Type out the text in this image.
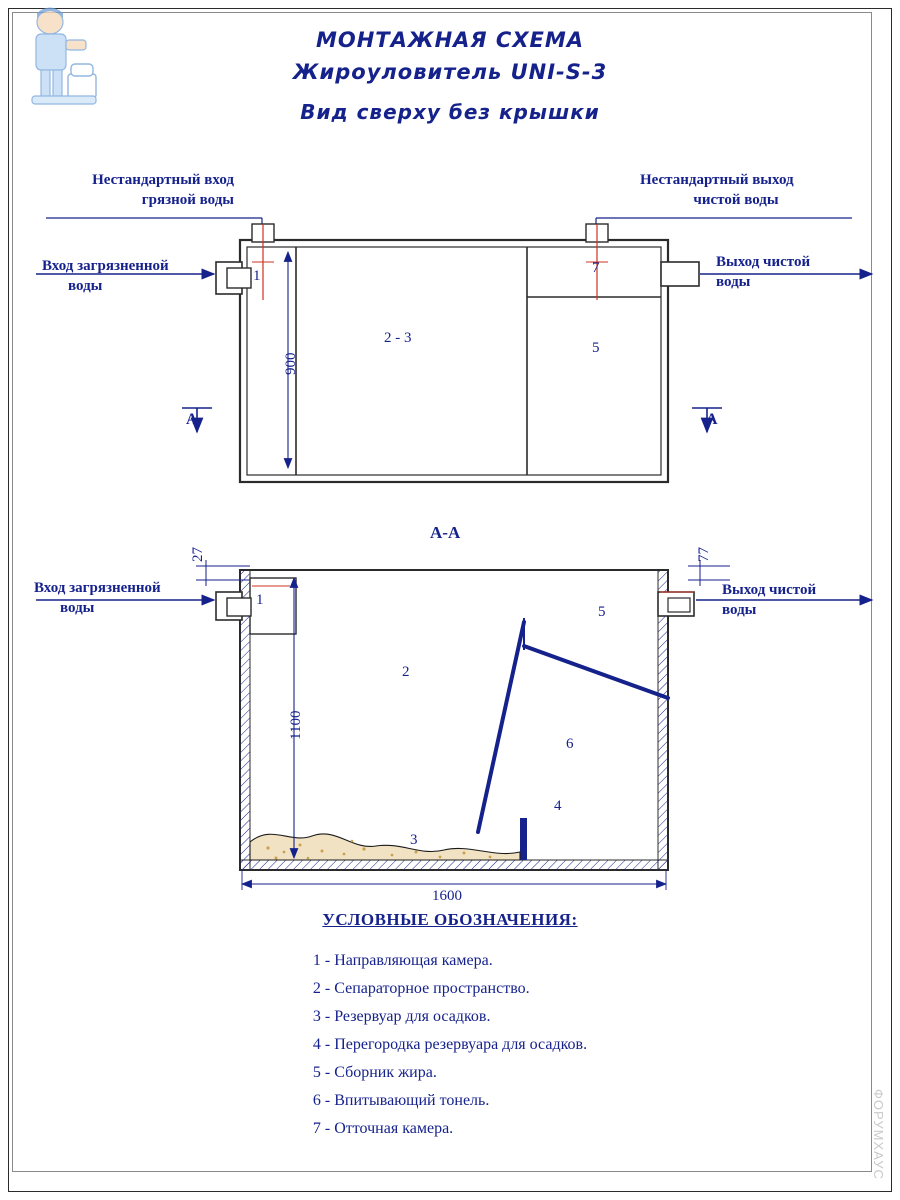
МОНТАЖНАЯ СХЕМА
Жироуловитель UNI-S-3
Вид сверху без крышки
Нестандартный вход
грязной воды
Нестандартный выход
чистой воды
Вход загрязненной
воды
Выход чистой
воды
1
2 - 3
7
5
900
A	A
A-A
27	77
Вход загрязненной
воды
Выход чистой
воды
1
2
3
4
5
6
1100
1600
УСЛОВНЫЕ ОБОЗНАЧЕНИЯ:
1 - Направляющая камера.
2 - Сепараторное пространство.
3 - Резервуар для осадков.
4 - Перегородка резервуара для осадков.
5 - Сборник жира.
6 - Впитывающий тонель.
7 - Отточная камера.	ФОРУМХАУС
